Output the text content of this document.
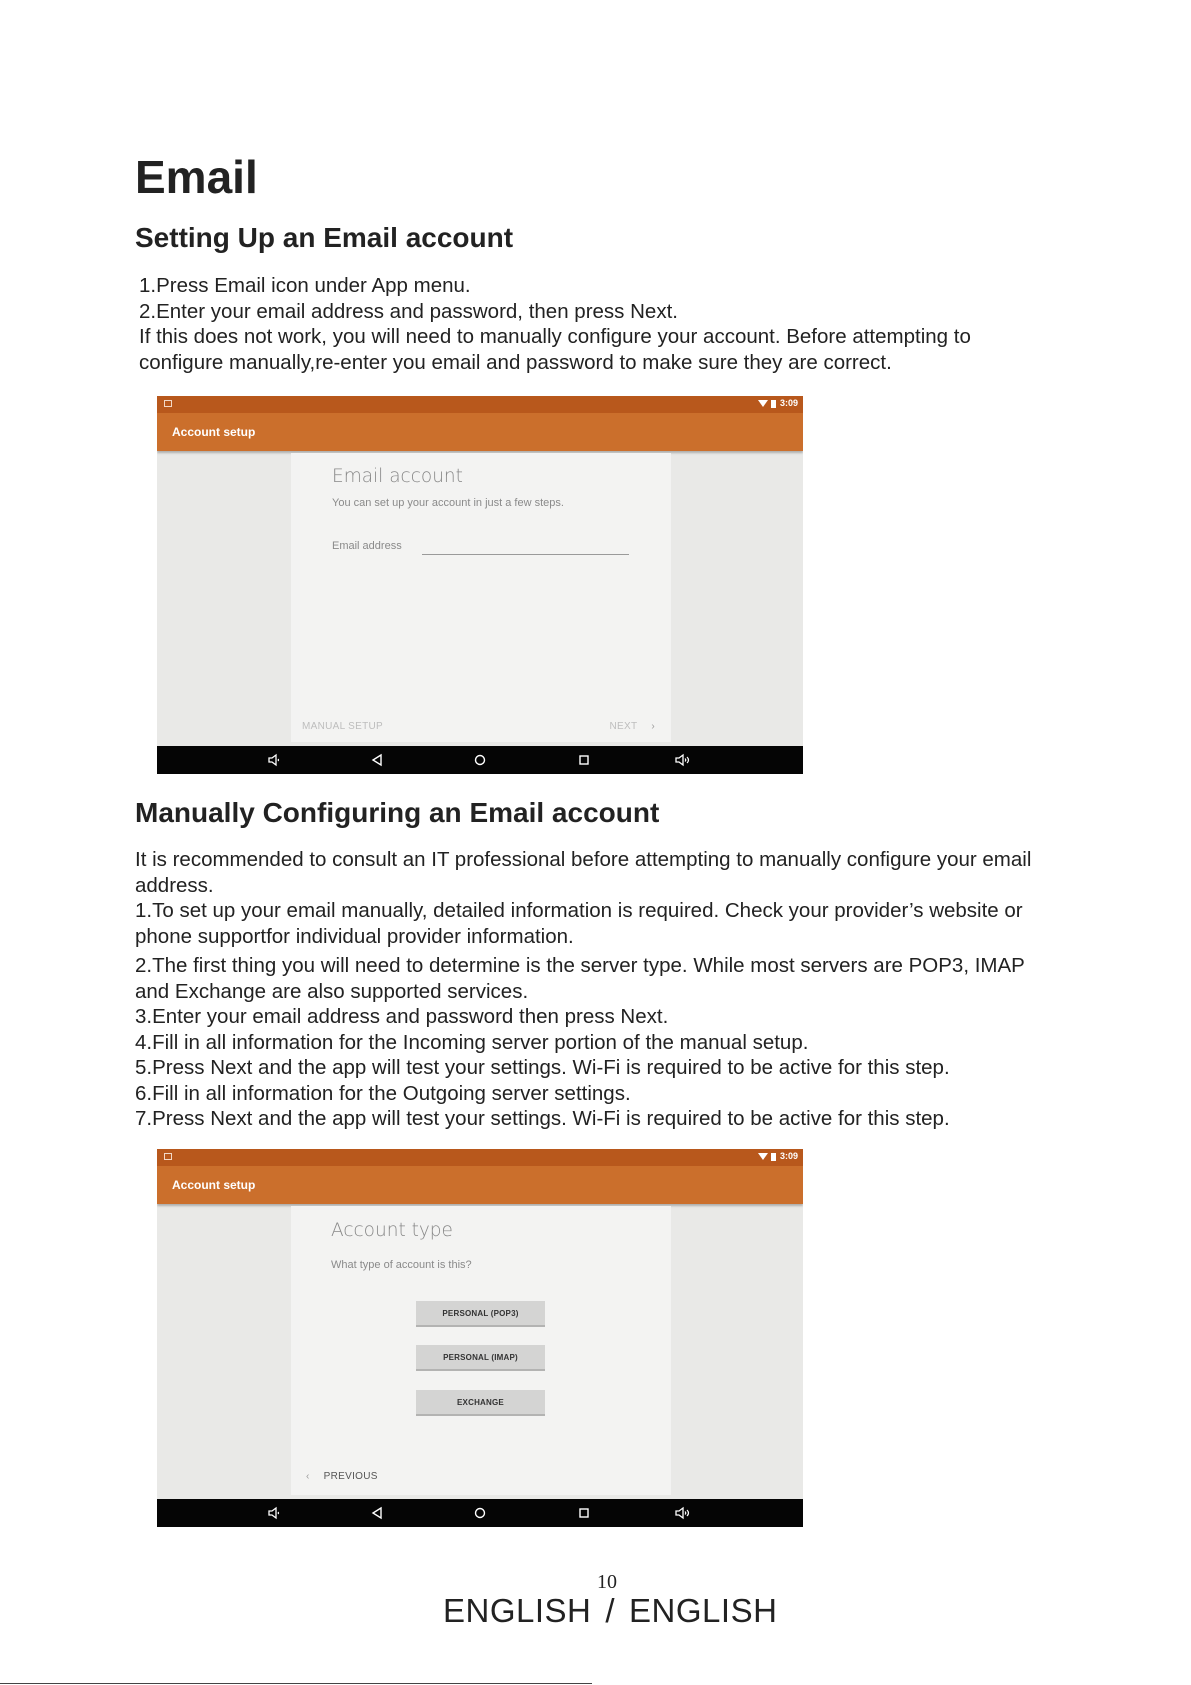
Email
Setting Up an Email account

1.Press Email icon under App menu.

2.Enter your email address and password, then press Next.

If this does not work, you will need to manually configure your account. Before attempting to

configure manually,re-enter you email and password to make sure they are correct.

3:09
Account setup
Email account
You can set up your account in just a few steps.
Email address
MANUAL SETUP	NEXT ›
Manually Configuring an Email account

It is recommended to consult an IT professional before attempting to manually configure your email

address.

1.To set up your email manually, detailed information is required. Check your provider’s website or

phone supportfor individual provider information.

2.The first thing you will need to determine is the server type. While most servers are POP3, IMAP

and Exchange are also supported services.

3.Enter your email address and password then press Next.

4.Fill in all information for the Incoming server portion of the manual setup.

5.Press Next and the app will test your settings. Wi-Fi is required to be active for this step.

6.Fill in all information for the Outgoing server settings.

7.Press Next and the app will test your settings. Wi-Fi is required to be active for this step.

3:09
Account setup
Account type
What type of account is this?
PERSONAL (POP3)
PERSONAL (IMAP)
EXCHANGE
‹ PREVIOUS
10
ENGLISH / ENGLISH
